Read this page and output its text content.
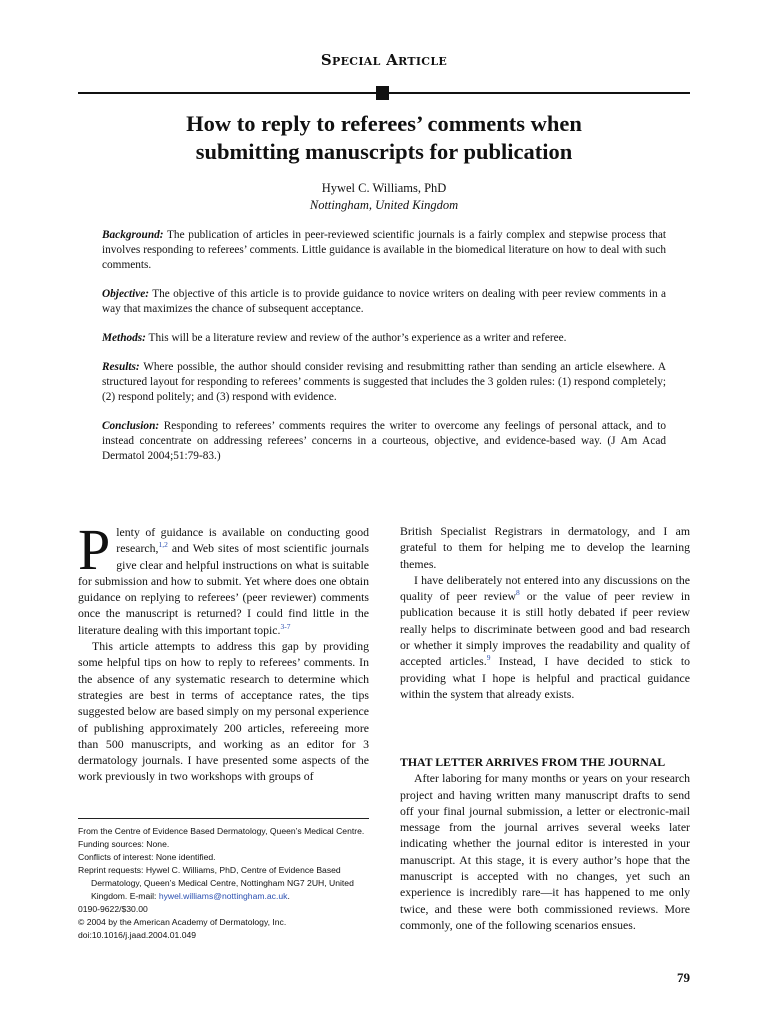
Special Article
How to reply to referees’ comments when
submitting manuscripts for publication
Hywel C. Williams, PhD
Nottingham, United Kingdom

Background: The publication of articles in peer-reviewed scientific journals is a fairly complex and stepwise process that involves responding to referees’ comments. Little guidance is available in the biomedical literature on how to deal with such comments.

Objective: The objective of this article is to provide guidance to novice writers on dealing with peer review comments in a way that maximizes the chance of subsequent acceptance.

Methods: This will be a literature review and review of the author’s experience as a writer and referee.

Results: Where possible, the author should consider revising and resubmitting rather than sending an article elsewhere. A structured layout for responding to referees’ comments is suggested that includes the 3 golden rules: (1) respond completely; (2) respond politely; and (3) respond with evidence.

Conclusion: Responding to referees’ comments requires the writer to overcome any feelings of personal attack, and to instead concentrate on addressing referees’ concerns in a courteous, objective, and evidence-based way. (J Am Acad Dermatol 2004;51:79-83.)

Plenty of guidance is available on conducting good research,$^{1,2}$ and Web sites of most scientific journals give clear and helpful instructions on what is suitable for submission and how to submit. Yet where does one obtain guidance on replying to referees’ (peer reviewer) comments once the manuscript is returned? I could find little in the literature dealing with this important topic.$^{3-7}$

This article attempts to address this gap by providing some helpful tips on how to reply to referees’ comments. In the absence of any systematic research to determine which strategies are best in terms of acceptance rates, the tips suggested below are based simply on my personal experience of publishing approximately 200 articles, refereeing more than 500 manuscripts, and working as an editor for 3 dermatology journals. I have presented some aspects of the work previously in two workshops with groups of

From the Centre of Evidence Based Dermatology, Queen’s Medical Centre.

Funding sources: None.

Conflicts of interest: None identified.

Reprint requests: Hywel C. Williams, PhD, Centre of Evidence Based Dermatology, Queen’s Medical Centre, Nottingham NG7 2UH, United Kingdom. E-mail: hywel.williams@nottingham.ac.uk.

0190-9622/$30.00

© 2004 by the American Academy of Dermatology, Inc.

doi:10.1016/j.jaad.2004.01.049

British Specialist Registrars in dermatology, and I am grateful to them for helping me to develop the learning themes.

I have deliberately not entered into any discussions on the quality of peer review$^8$ or the value of peer review in publication because it is still hotly debated if peer review really helps to discriminate between good and bad research or whether it simply improves the readability and quality of accepted articles.$^9$ Instead, I have decided to stick to providing what I hope is helpful and practical guidance within the system that already exists.

THAT LETTER ARRIVES FROM THE JOURNAL

After laboring for many months or years on your research project and having written many manuscript drafts to send off your final journal submission, a letter or electronic-mail message from the journal arrives several weeks later indicating whether the journal editor is interested in your manuscript. At this stage, it is every author’s hope that the manuscript is accepted with no changes, yet such an experience is incredibly rare—it has happened to me only twice, and these were both commissioned reviews. More commonly, one of the following scenarios ensues.

79
